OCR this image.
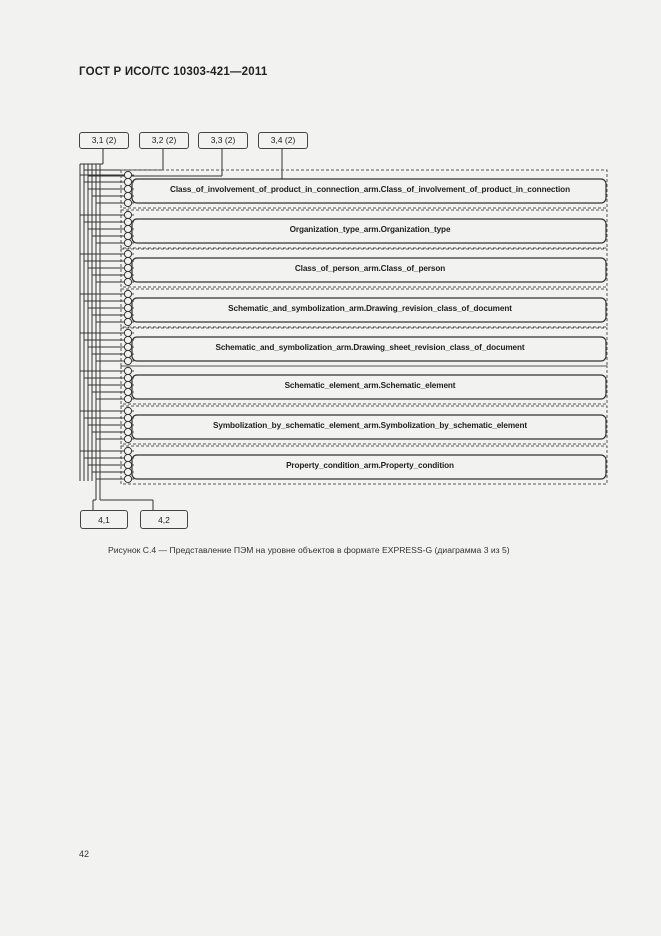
ГОСТ Р ИСО/ТС 10303-421—2011
3,1 (2)	3,2 (2)	3,3 (2)	3,4 (2)
4,1	4,2
Class_of_involvement_of_product_in_connection_arm.Class_of_involvement_of_product_in_connection
Organization_type_arm.Organization_type
Class_of_person_arm.Class_of_person
Schematic_and_symbolization_arm.Drawing_revision_class_of_document
Schematic_and_symbolization_arm.Drawing_sheet_revision_class_of_document
Schematic_element_arm.Schematic_element
Symbolization_by_schematic_element_arm.Symbolization_by_schematic_element
Property_condition_arm.Property_condition
Рисунок C.4 — Представление ПЭМ на уровне объектов в формате EXPRESS-G (диаграмма 3 из 5)
42
